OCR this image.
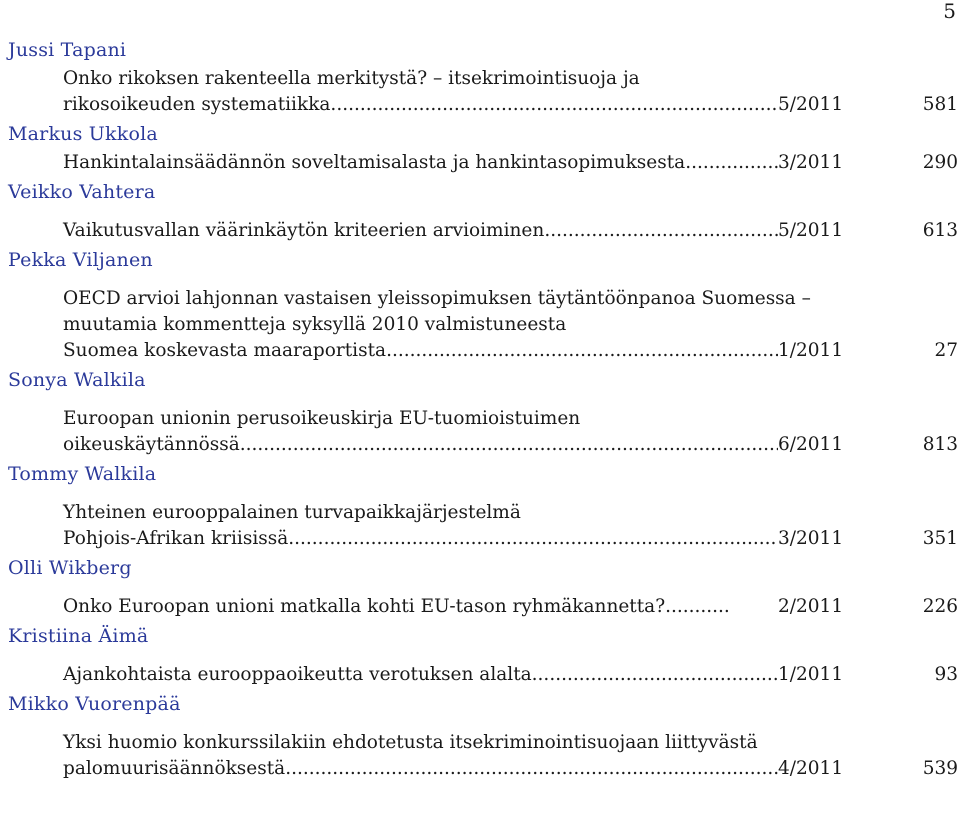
5
Jussi Tapani
Onko rikoksen rakenteella merkitystä? – itsekrimointisuoja ja
rikosoikeuden systematiikka. .....	5/2011	581
Markus Ukkola
Hankintalainsäädännön soveltamisalasta ja hankintasopimuksesta .....	3/2011	290
Veikko Vahtera
Vaikutusvallan väärinkäytön kriteerien arvioiminen .....	5/2011	613
Pekka Viljanen
OECD arvioi lahjonnan vastaisen yleissopimuksen täytäntöönpanoa Suomessa –
muutamia kommentteja syksyllä 2010 valmistuneesta
Suomea koskevasta maaraportista .....	1/2011	27
Sonya Walkila
Euroopan unionin perusoikeuskirja EU-tuomioistuimen
oikeuskäytännössä .....	6/2011	813
Tommy Walkila
Yhteinen eurooppalainen turvapaikkajärjestelmä
Pohjois-Afrikan kriisissä .....	3/2011	351
Olli Wikberg
Onko Euroopan unioni matkalla kohti EU-tason ryhmäkannetta?...........	2/2011	226
Kristiina Äimä
Ajankohtaista eurooppaoikeutta verotuksen alalta .....	1/2011	93
Mikko Vuorenpää
Yksi huomio konkurssilakiin ehdotetusta itsekriminointisuojaan liittyvästä
palomuurisäännöksestä .....	4/2011	539
